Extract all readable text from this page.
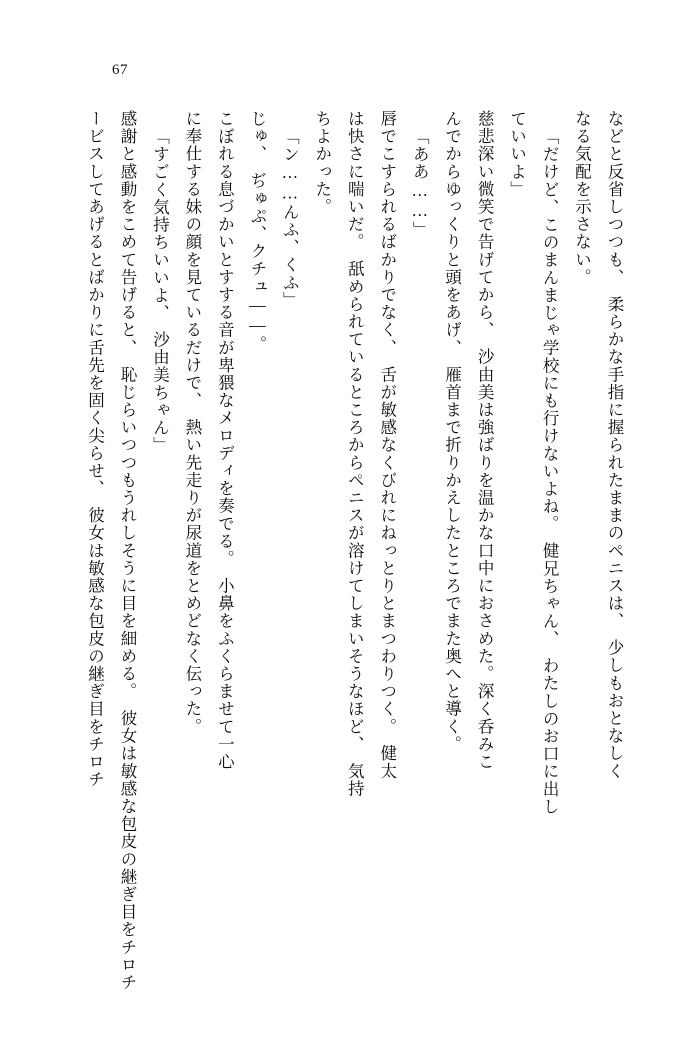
67
などと反省しつつも、　柔らかな手指に握られたままのペニスは、　少しもおとなしく
なる気配を示さない。
「だけど、このまんまじゃ学校にも行けないよね。　健兄ちゃん、　わたしのお口に出し
ていいよ」
慈悲深い微笑で告げてから、　沙由美は強ばりを温かな口中におさめた。深く呑みこ
んでからゆっくりと頭をあげ、　雁首まで折りかえしたところでまた奥へと導く。
「ああ……」
唇でこすられるばかりでなく、　舌が敏感なくびれにねっとりとまつわりつく。　健太
は快さに喘いだ。　舐められているところからペニスが溶けてしまいそうなほど、　気持
ちよかった。
「ン……んふ、くふ」
じゅ、　ぢゅぷ、クチュ――。
こぼれる息づかいとすする音が卑猥なメロディを奏でる。　小鼻をふくらませて一心
に奉仕する妹の顔を見ているだけで、　熱い先走りが尿道をとめどなく伝った。
「すごく気持ちいいよ、　沙由美ちゃん」
感謝と感動をこめて告げると、　恥じらいつつもうれしそうに目を細める。　彼女は敏感な包皮の継ぎ目をチロチ
ービスしてあげるとばかりに舌先を固く尖らせ、　彼女は敏感な包皮の継ぎ目をチロチ
